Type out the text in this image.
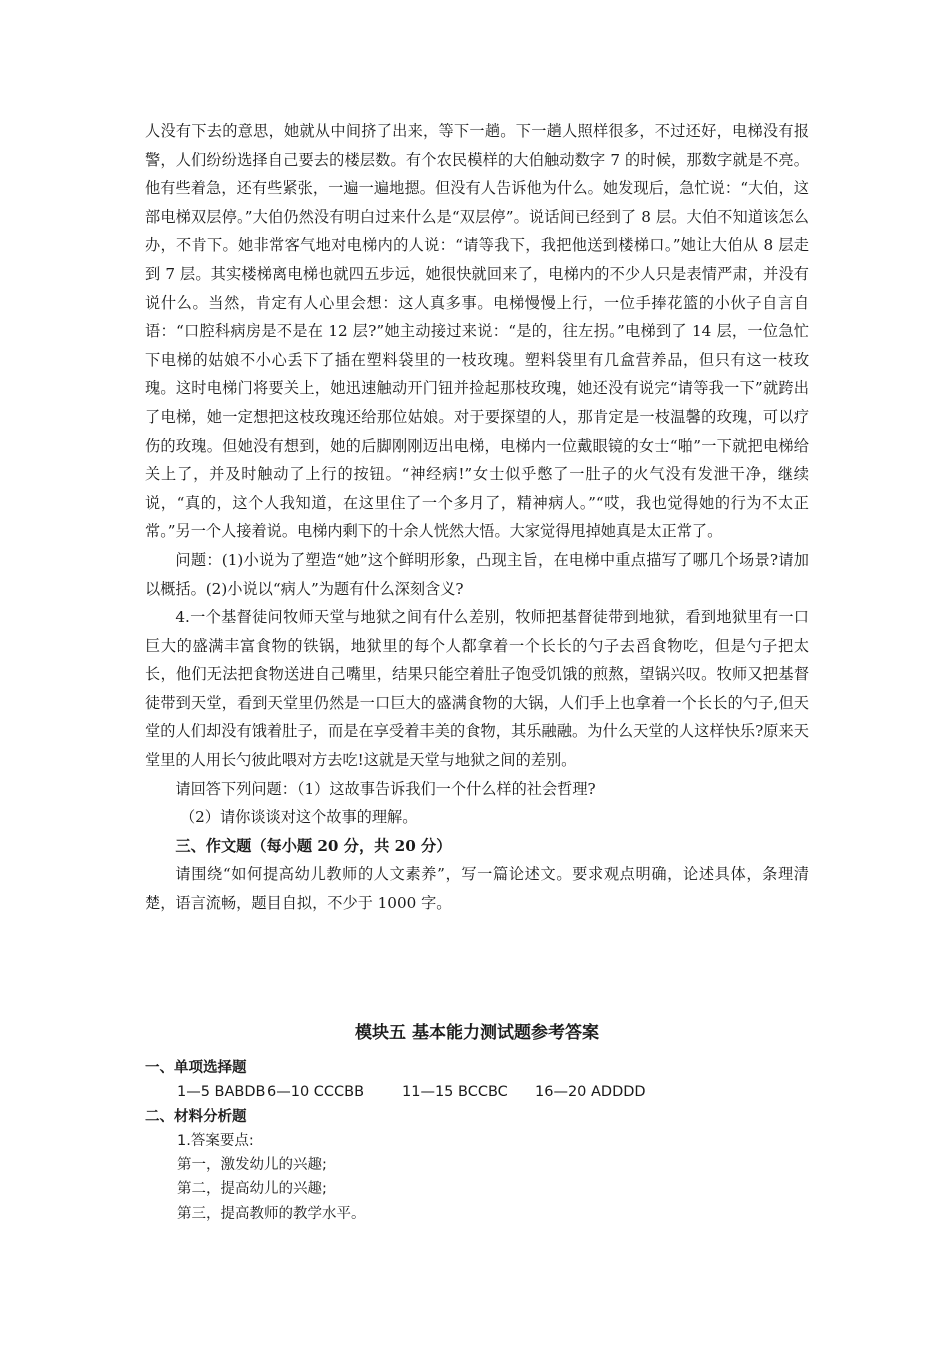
人没有下去的意思，她就从中间挤了出来，等下一趟。下一趟人照样很多，不过还好，电梯没有报警，人们纷纷选择自己要去的楼层数。有个农民模样的大伯触动数字 7 的时候，那数字就是不亮。他有些着急，还有些紧张，一遍一遍地摁。但没有人告诉他为什么。她发现后，急忙说：“大伯，这部电梯双层停。”大伯仍然没有明白过来什么是“双层停”。说话间已经到了 8 层。大伯不知道该怎么办，不肯下。她非常客气地对电梯内的人说：“请等我下，我把他送到楼梯口。”她让大伯从 8 层走到 7 层。其实楼梯离电梯也就四五步远，她很快就回来了，电梯内的不少人只是表情严肃，并没有说什么。当然，肯定有人心里会想：这人真多事。电梯慢慢上行，一位手捧花篮的小伙子自言自语：“口腔科病房是不是在 12 层?”她主动接过来说：“是的，往左拐。”电梯到了 14 层，一位急忙下电梯的姑娘不小心丢下了插在塑料袋里的一枝玫瑰。塑料袋里有几盒营养品，但只有这一枝玫瑰。这时电梯门将要关上，她迅速触动开门钮并捡起那枝玫瑰，她还没有说完“请等我一下”就跨出了电梯，她一定想把这枝玫瑰还给那位姑娘。对于要探望的人，那肯定是一枝温馨的玫瑰，可以疗伤的玫瑰。但她没有想到，她的后脚刚刚迈出电梯，电梯内一位戴眼镜的女士“啪”一下就把电梯给关上了，并及时触动了上行的按钮。“神经病!”女士似乎憋了一肚子的火气没有发泄干净，继续说，“真的，这个人我知道，在这里住了一个多月了，精神病人。”“哎，我也觉得她的行为不太正常。”另一个人接着说。电梯内剩下的十余人恍然大悟。大家觉得甩掉她真是太正常了。

问题：(1)小说为了塑造“她”这个鲜明形象，凸现主旨，在电梯中重点描写了哪几个场景?请加以概括。(2)小说以“病人”为题有什么深刻含义?

4.一个基督徒问牧师天堂与地狱之间有什么差别，牧师把基督徒带到地狱，看到地狱里有一口巨大的盛满丰富食物的铁锅，地狱里的每个人都拿着一个长长的勺子去舀食物吃，但是勺子把太长，他们无法把食物送进自己嘴里，结果只能空着肚子饱受饥饿的煎熬，望锅兴叹。牧师又把基督徒带到天堂，看到天堂里仍然是一口巨大的盛满食物的大锅，人们手上也拿着一个长长的勺子,但天堂的人们却没有饿着肚子，而是在享受着丰美的食物，其乐融融。为什么天堂的人这样快乐?原来天堂里的人用长勺彼此喂对方去吃!这就是天堂与地狱之间的差别。

请回答下列问题：（1）这故事告诉我们一个什么样的社会哲理?

（2）请你谈谈对这个故事的理解。

三、作文题（每小题 20 分，共 20 分）

请围绕“如何提高幼儿教师的人文素养”，写一篇论述文。要求观点明确，论述具体，条理清楚，语言流畅，题目自拟，不少于 1000 字。

模块五 基本能力测试题参考答案
一、单项选择题
1—5 BABDB 6—10 CCCBB	11—15 BCCBC 16—20 ADDDD
二、材料分析题
1.答案要点:
第一，激发幼儿的兴趣;
第二，提高幼儿的兴趣;
第三，提高教师的教学水平。
